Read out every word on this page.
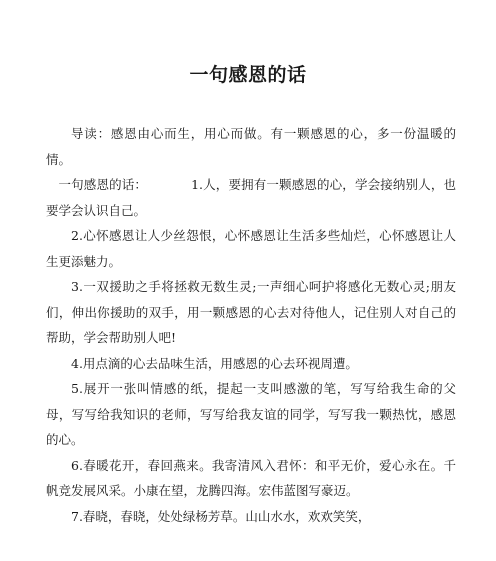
一句感恩的话

导读：感恩由心而生，用心而做。有一颗感恩的心，多一份温暖的情。

一句感恩的话：	1.人，要拥有一颗感恩的心，学会接纳别人，也要学会认识自己。

2.心怀感恩让人少丝怨恨，心怀感恩让生活多些灿烂，心怀感恩让人生更添魅力。

3.一双援助之手将拯救无数生灵;一声细心呵护将感化无数心灵;朋友们，伸出你援助的双手，用一颗感恩的心去对待他人，记住别人对自己的帮助，学会帮助别人吧!

4.用点滴的心去品味生活，用感恩的心去环视周遭。

5.展开一张叫情感的纸，提起一支叫感激的笔，写写给我生命的父母，写写给我知识的老师，写写给我友谊的同学，写写我一颗热忱，感恩的心。

6.春暖花开，春回燕来。我寄清风入君怀：和平无价，爱心永在。千帆竞发展风采。小康在望，龙腾四海。宏伟蓝图写豪迈。

7.春晓，春晓，处处绿杨芳草。山山水水，欢欢笑笑，
